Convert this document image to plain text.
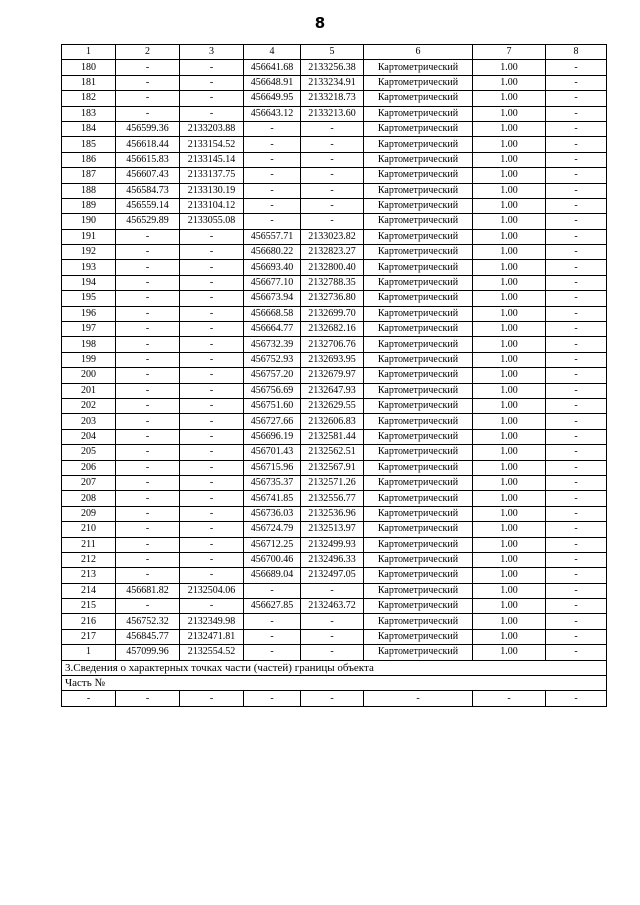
8
1	2	3	4	5	6	7	8
180	-	-	456641.68	2133256.38	Картометрический	1.00	-
181	-	-	456648.91	2133234.91	Картометрический	1.00	-
182	-	-	456649.95	2133218.73	Картометрический	1.00	-
183	-	-	456643.12	2133213.60	Картометрический	1.00	-
184	456599.36	2133203.88	-	-	Картометрический	1.00	-
185	456618.44	2133154.52	-	-	Картометрический	1.00	-
186	456615.83	2133145.14	-	-	Картометрический	1.00	-
187	456607.43	2133137.75	-	-	Картометрический	1.00	-
188	456584.73	2133130.19	-	-	Картометрический	1.00	-
189	456559.14	2133104.12	-	-	Картометрический	1.00	-
190	456529.89	2133055.08	-	-	Картометрический	1.00	-
191	-	-	456557.71	2133023.82	Картометрический	1.00	-
192	-	-	456680.22	2132823.27	Картометрический	1.00	-
193	-	-	456693.40	2132800.40	Картометрический	1.00	-
194	-	-	456677.10	2132788.35	Картометрический	1.00	-
195	-	-	456673.94	2132736.80	Картометрический	1.00	-
196	-	-	456668.58	2132699.70	Картометрический	1.00	-
197	-	-	456664.77	2132682.16	Картометрический	1.00	-
198	-	-	456732.39	2132706.76	Картометрический	1.00	-
199	-	-	456752.93	2132693.95	Картометрический	1.00	-
200	-	-	456757.20	2132679.97	Картометрический	1.00	-
201	-	-	456756.69	2132647.93	Картометрический	1.00	-
202	-	-	456751.60	2132629.55	Картометрический	1.00	-
203	-	-	456727.66	2132606.83	Картометрический	1.00	-
204	-	-	456696.19	2132581.44	Картометрический	1.00	-
205	-	-	456701.43	2132562.51	Картометрический	1.00	-
206	-	-	456715.96	2132567.91	Картометрический	1.00	-
207	-	-	456735.37	2132571.26	Картометрический	1.00	-
208	-	-	456741.85	2132556.77	Картометрический	1.00	-
209	-	-	456736.03	2132536.96	Картометрический	1.00	-
210	-	-	456724.79	2132513.97	Картометрический	1.00	-
211	-	-	456712.25	2132499.93	Картометрический	1.00	-
212	-	-	456700.46	2132496.33	Картометрический	1.00	-
213	-	-	456689.04	2132497.05	Картометрический	1.00	-
214	456681.82	2132504.06	-	-	Картометрический	1.00	-
215	-	-	456627.85	2132463.72	Картометрический	1.00	-
216	456752.32	2132349.98	-	-	Картометрический	1.00	-
217	456845.77	2132471.81	-	-	Картометрический	1.00	-
1	457099.96	2132554.52	-	-	Картометрический	1.00	-
3.Сведения о характерных точках части (частей) границы объекта							
Часть №							
-	-	-	-	-	-	-	-
